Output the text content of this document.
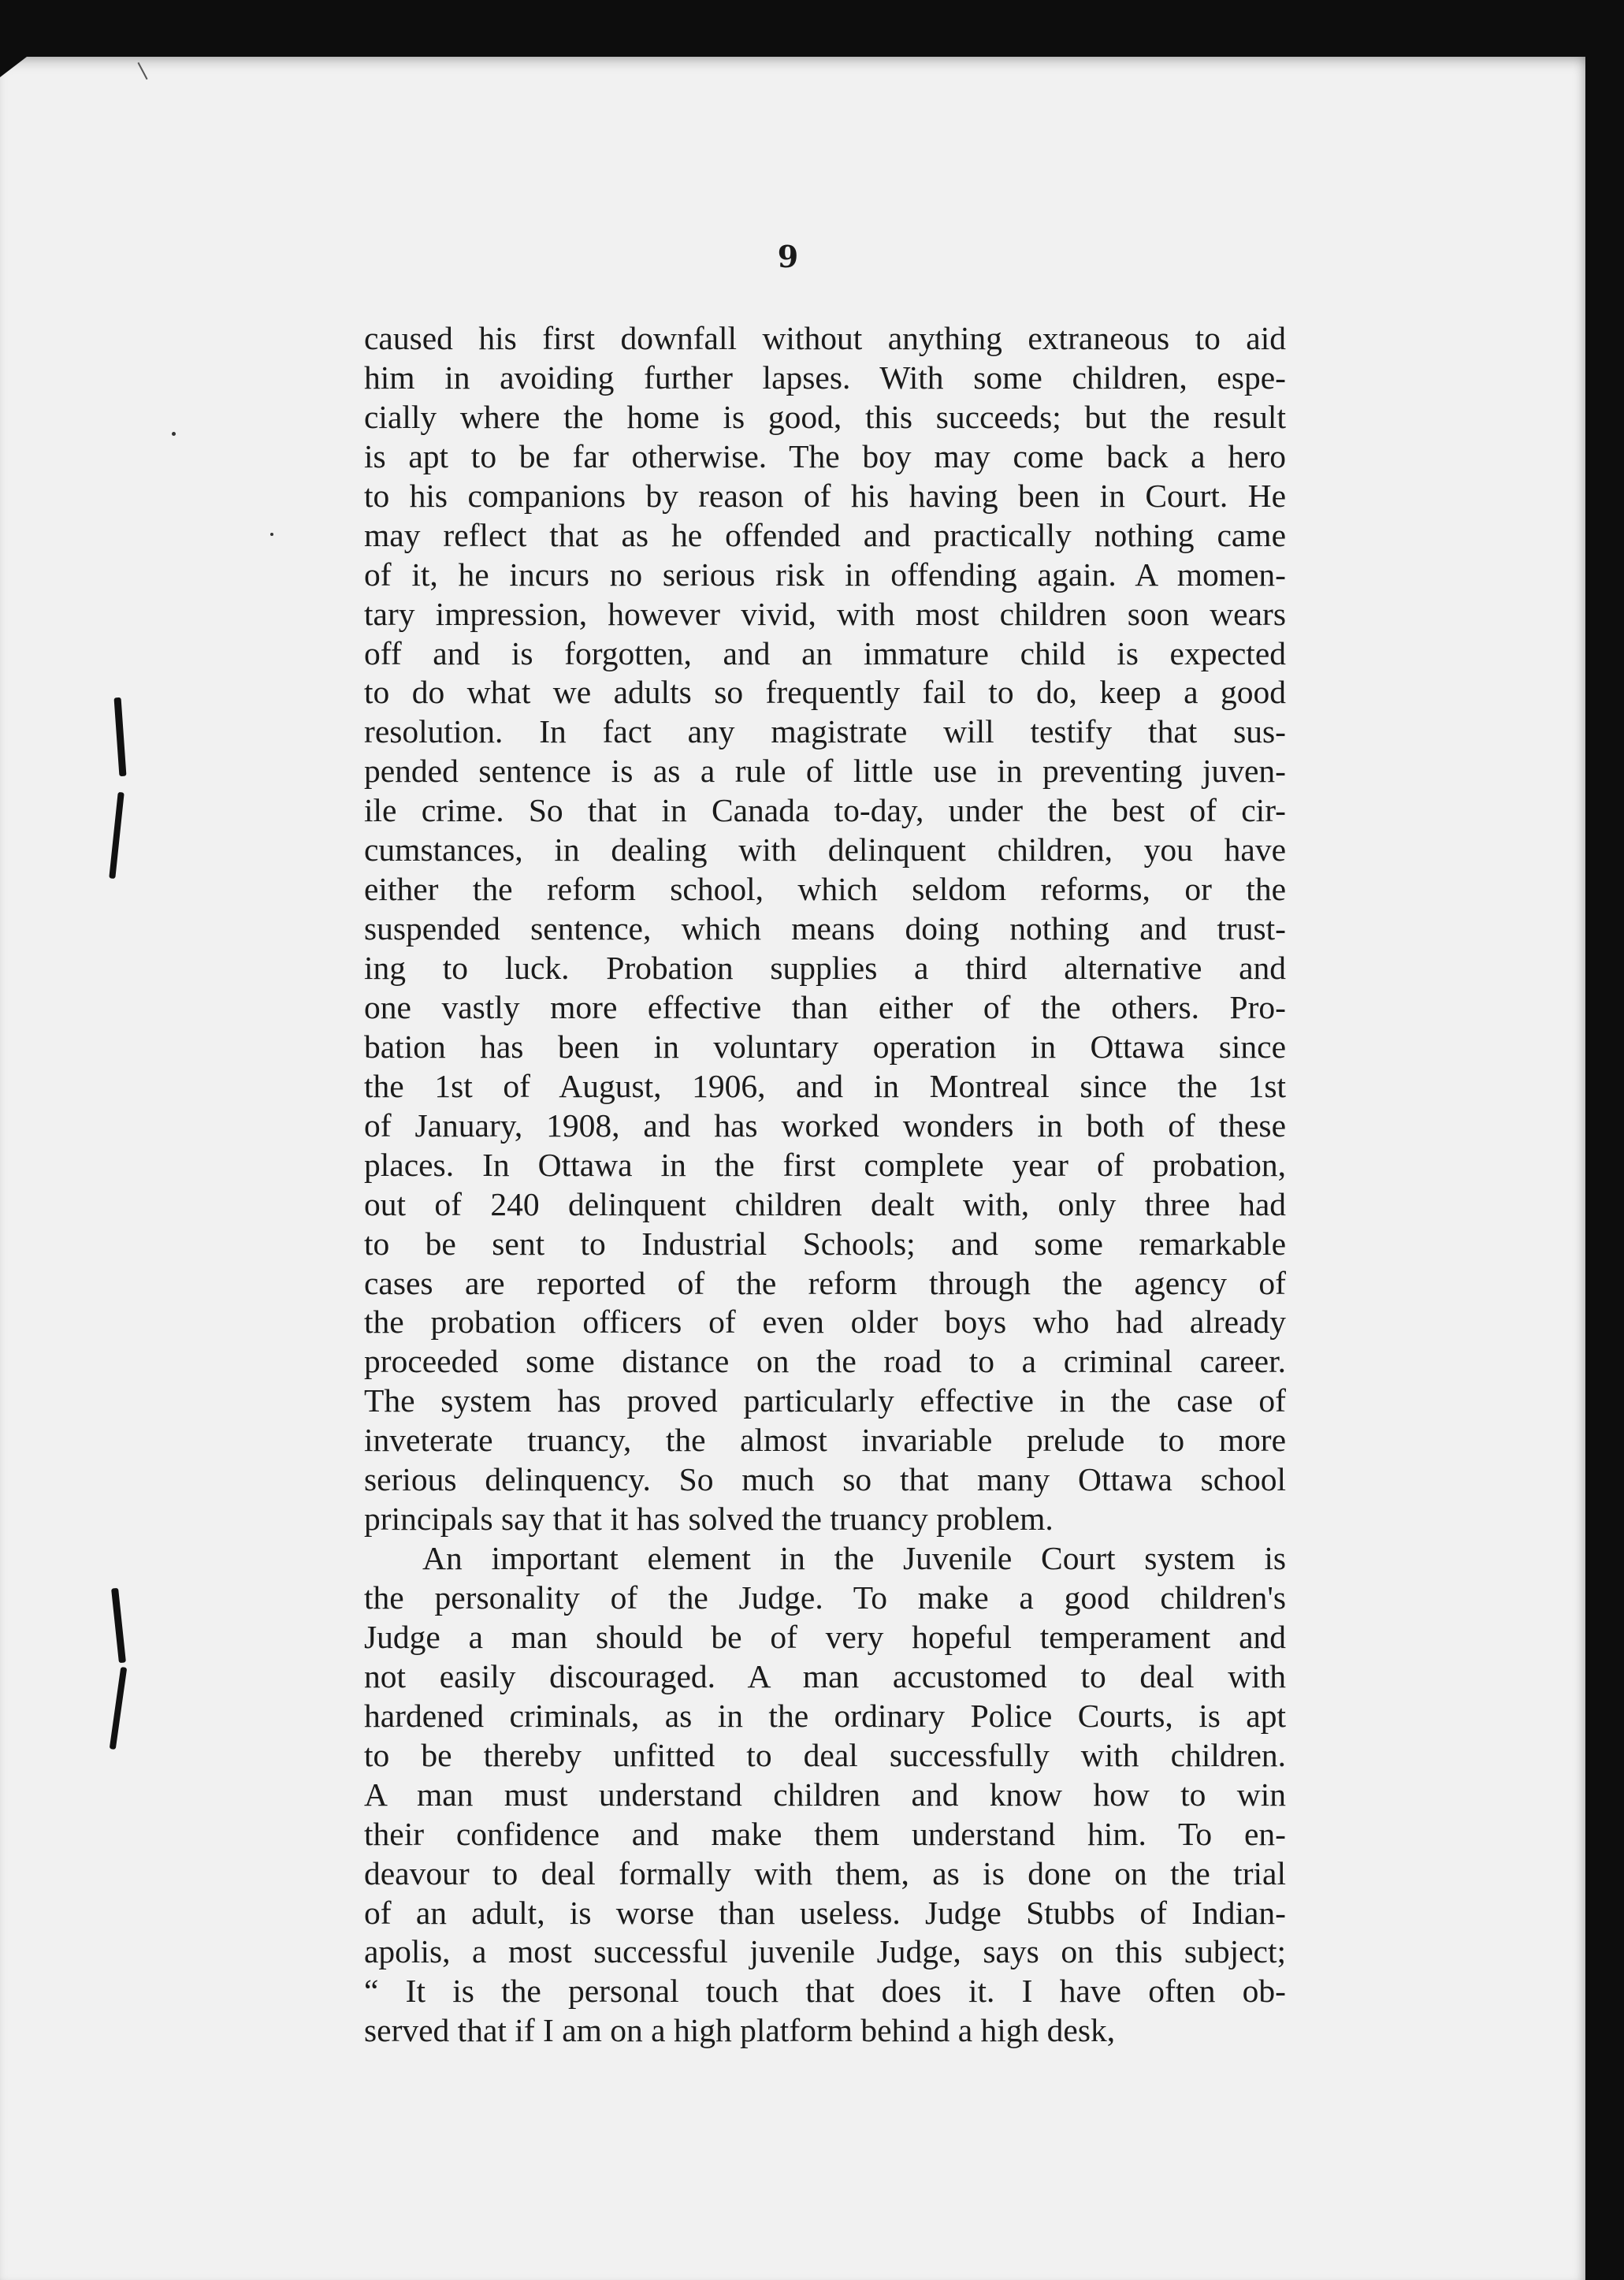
9
caused his first downfall without anything extraneous to aid
him in avoiding further lapses. With some children, espe-
cially where the home is good, this succeeds; but the result
is apt to be far otherwise. The boy may come back a hero
to his companions by reason of his having been in Court. He
may reflect that as he offended and practically nothing came
of it, he incurs no serious risk in offending again. A momen-
tary impression, however vivid, with most children soon wears
off and is forgotten, and an immature child is expected
to do what we adults so frequently fail to do, keep a good
resolution. In fact any magistrate will testify that sus-
pended sentence is as a rule of little use in preventing juven-
ile crime. So that in Canada to-day, under the best of cir-
cumstances, in dealing with delinquent children, you have
either the reform school, which seldom reforms, or the
suspended sentence, which means doing nothing and trust-
ing to luck. Probation supplies a third alternative and
one vastly more effective than either of the others. Pro-
bation has been in voluntary operation in Ottawa since
the 1st of August, 1906, and in Montreal since the 1st
of January, 1908, and has worked wonders in both of these
places. In Ottawa in the first complete year of probation,
out of 240 delinquent children dealt with, only three had
to be sent to Industrial Schools; and some remarkable
cases are reported of the reform through the agency of
the probation officers of even older boys who had already
proceeded some distance on the road to a criminal career.
The system has proved particularly effective in the case of
inveterate truancy, the almost invariable prelude to more
serious delinquency. So much so that many Ottawa school
principals say that it has solved the truancy problem.
An important element in the Juvenile Court system is
the personality of the Judge. To make a good children's
Judge a man should be of very hopeful temperament and
not easily discouraged. A man accustomed to deal with
hardened criminals, as in the ordinary Police Courts, is apt
to be thereby unfitted to deal successfully with children.
A man must understand children and know how to win
their confidence and make them understand him. To en-
deavour to deal formally with them, as is done on the trial
of an adult, is worse than useless. Judge Stubbs of Indian-
apolis, a most successful juvenile Judge, says on this subject;
“ It is the personal touch that does it. I have often ob-
served that if I am on a high platform behind a high desk,
